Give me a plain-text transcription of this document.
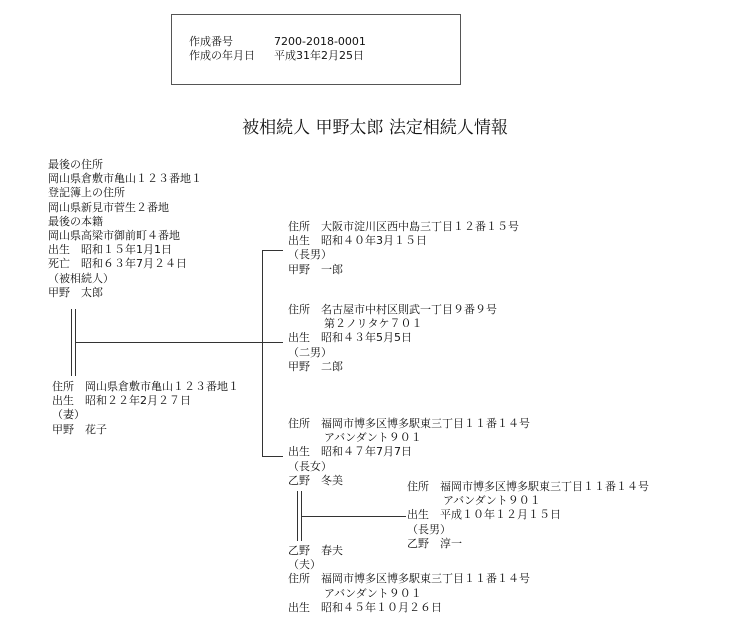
作成番号	7200-2018-0001
作成の年月日 平成31年2月25日
被相続人 甲野太郎 法定相続人情報
最後の住所
岡山県倉敷市亀山１２３番地１
登記簿上の住所
岡山県新見市菅生２番地
最後の本籍
岡山県高梁市御前町４番地
出生　昭和１５年1月1日
死亡　昭和６３年7月２４日
（被相続人）
甲野　太郎
住所　岡山県倉敷市亀山１２３番地１
出生　昭和２２年2月２７日
（妻）
甲野　花子
住所　大阪市淀川区西中島三丁目１２番１５号
出生　昭和４０年3月１５日
（長男）
甲野　一郎
住所　名古屋市中村区則武一丁目９番９号
第２ノリタケ７０１
出生　昭和４３年5月5日
（二男）
甲野　二郎
住所　福岡市博多区博多駅東三丁目１１番１４号
アバンダント９０１
出生　昭和４７年7月7日
（長女）
乙野　冬美	住所　福岡市博多区博多駅東三丁目１１番１４号
アバンダント９０１
出生　平成１０年１２月１５日
（長男）
乙野　淳一
乙野　春夫
（夫）
住所　福岡市博多区博多駅東三丁目１１番１４号
アバンダント９０１
出生　昭和４５年１０月２６日
